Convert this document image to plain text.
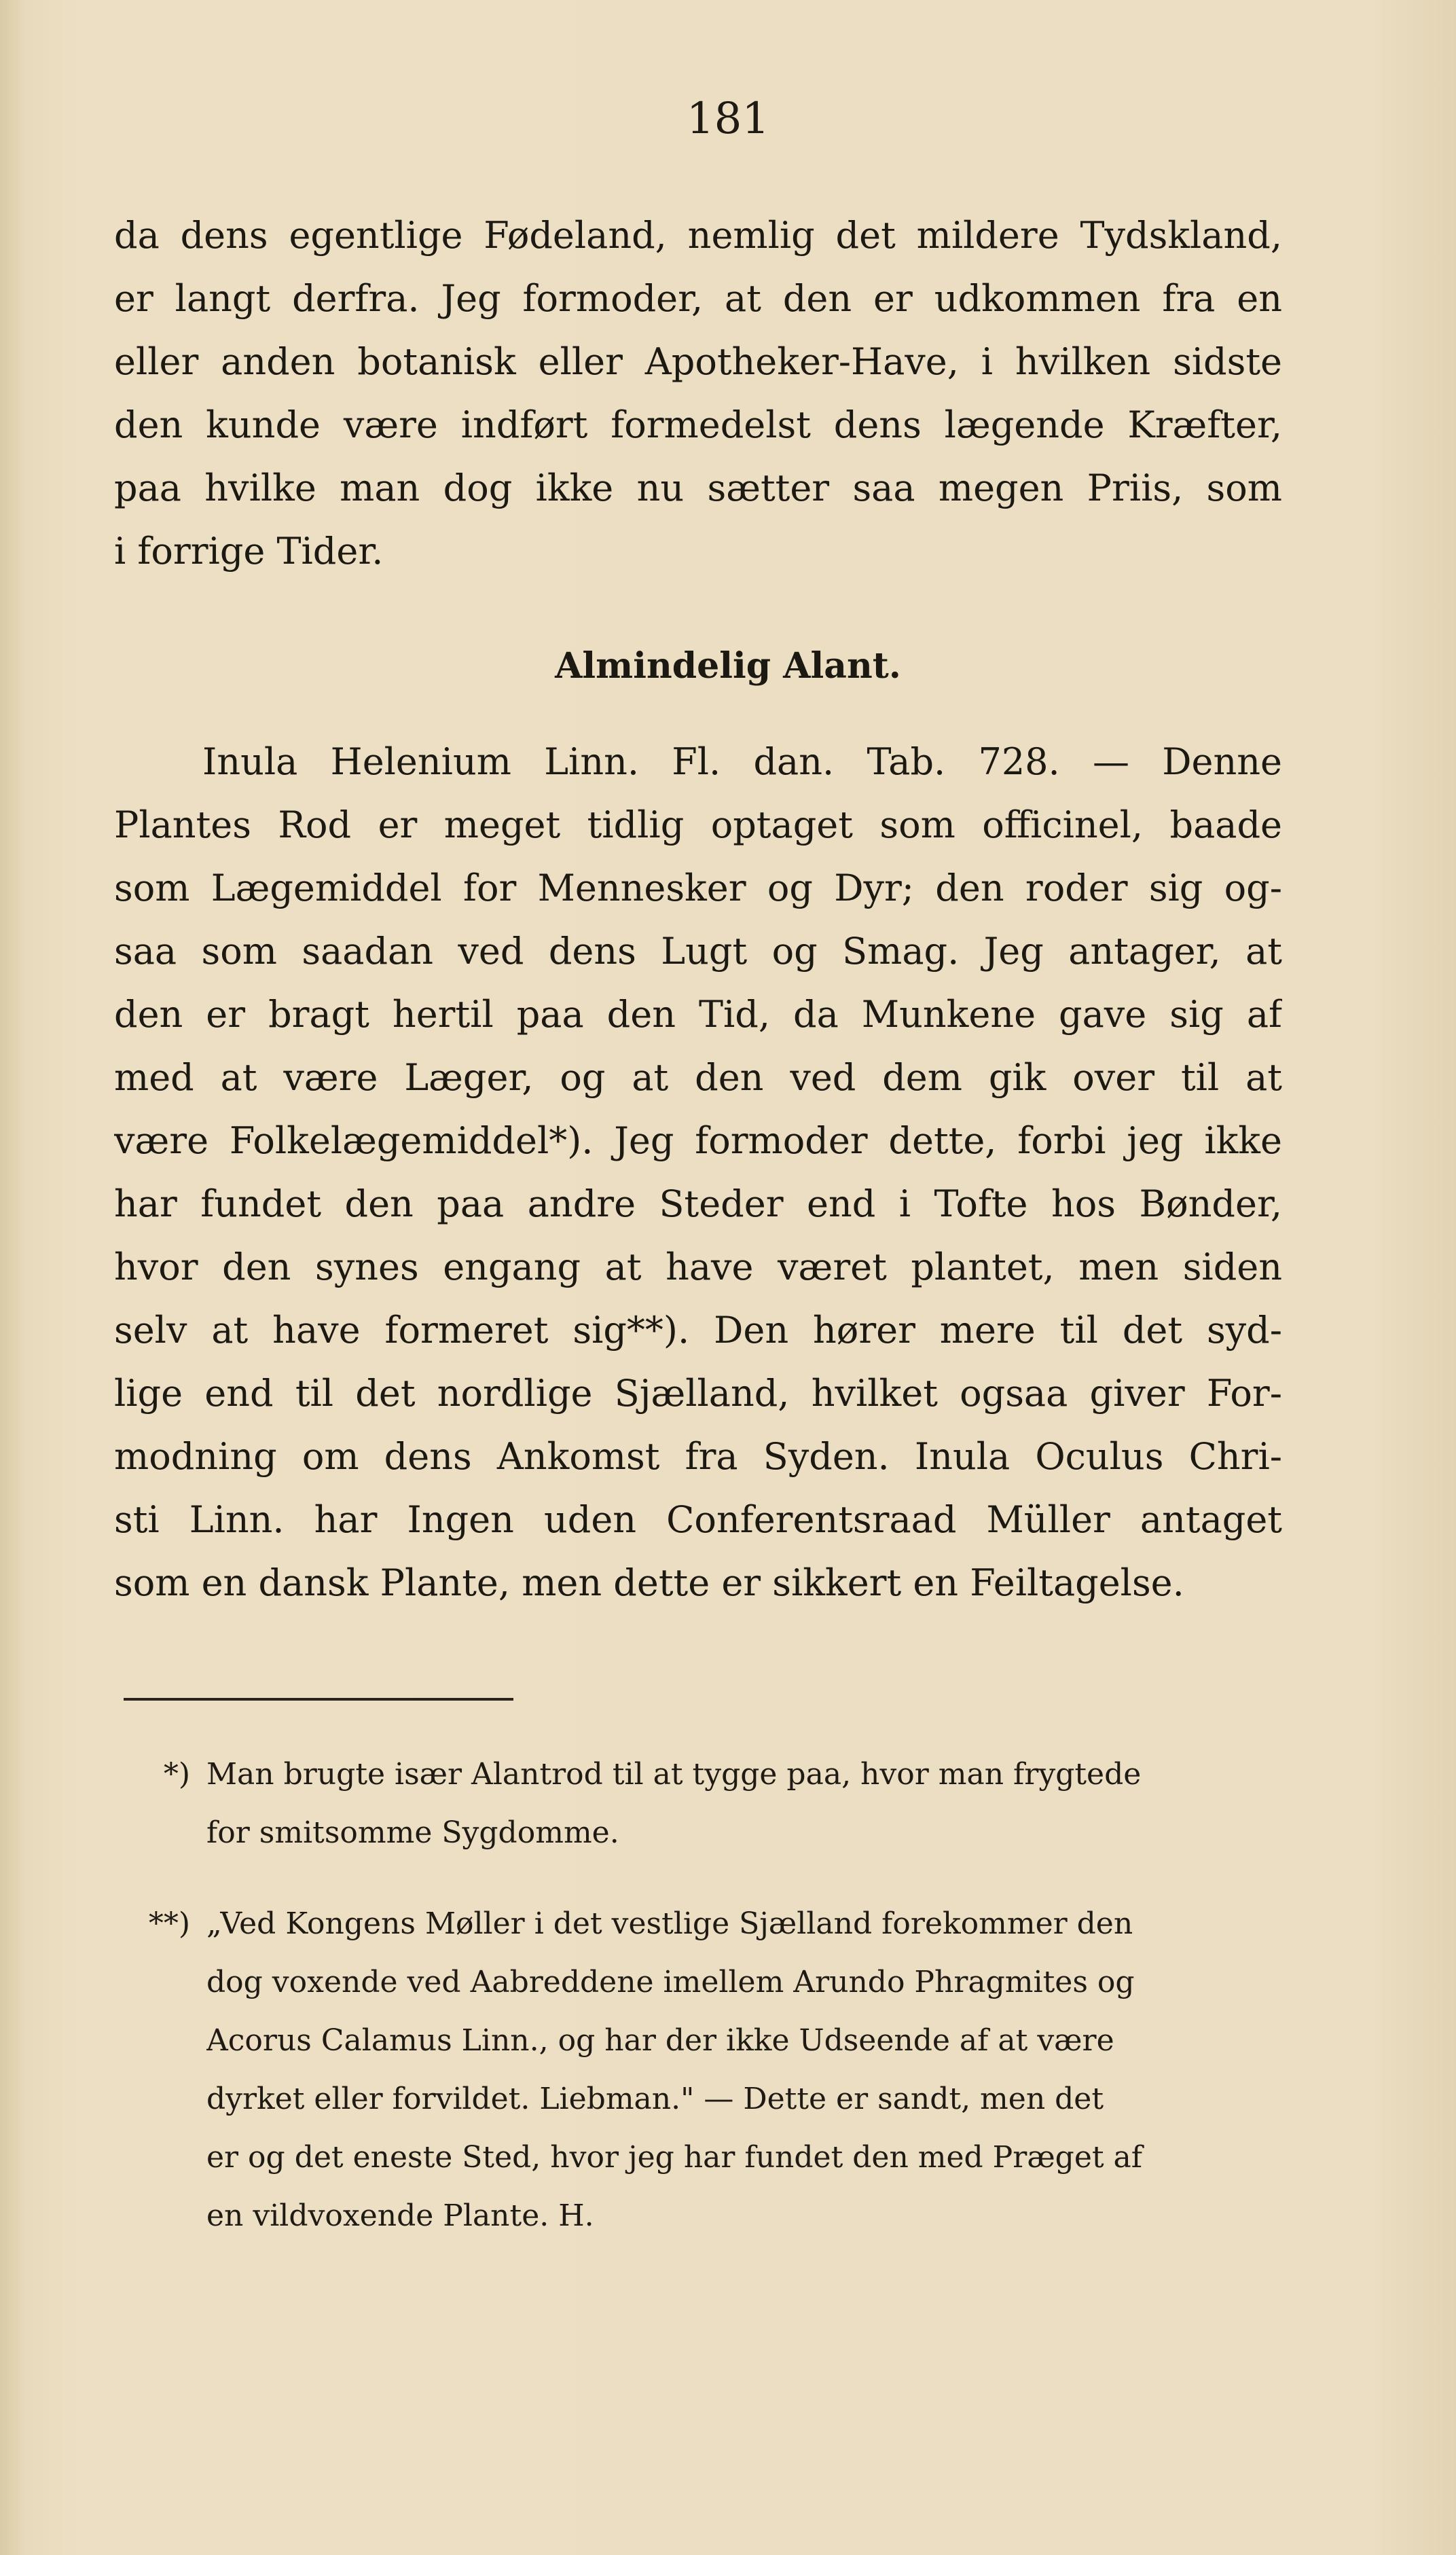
181
da dens egentlige Fødeland, nemlig det mildere Tydskland,
er langt derfra. Jeg formoder, at den er udkommen fra en
eller anden botanisk eller Apotheker-Have, i hvilken sidste
den kunde være indført formedelst dens lægende Kræfter,
paa hvilke man dog ikke nu sætter saa megen Priis, som
i forrige Tider.
Almindelig Alant.
Inula Helenium Linn. Fl. dan. Tab. 728. — Denne
Plantes Rod er meget tidlig optaget som officinel, baade
som Lægemiddel for Mennesker og Dyr; den roder sig og-
saa som saadan ved dens Lugt og Smag. Jeg antager, at
den er bragt hertil paa den Tid, da Munkene gave sig af
med at være Læger, og at den ved dem gik over til at
være Folkelægemiddel*). Jeg formoder dette, forbi jeg ikke
har fundet den paa andre Steder end i Tofte hos Bønder,
hvor den synes engang at have været plantet, men siden
selv at have formeret sig**). Den hører mere til det syd-
lige end til det nordlige Sjælland, hvilket ogsaa giver For-
modning om dens Ankomst fra Syden. Inula Oculus Chri-
sti Linn. har Ingen uden Conferentsraad Müller antaget
som en dansk Plante, men dette er sikkert en Feiltagelse.
*) Man brugte især Alantrod til at tygge paa, hvor man frygtede
for smitsomme Sygdomme.
**) „Ved Kongens Møller i det vestlige Sjælland forekommer den
dog voxende ved Aabreddene imellem Arundo Phragmites og
Acorus Calamus Linn., og har der ikke Udseende af at være
dyrket eller forvildet. Liebman." — Dette er sandt, men det
er og det eneste Sted, hvor jeg har fundet den med Præget af
en vildvoxende Plante. H.
